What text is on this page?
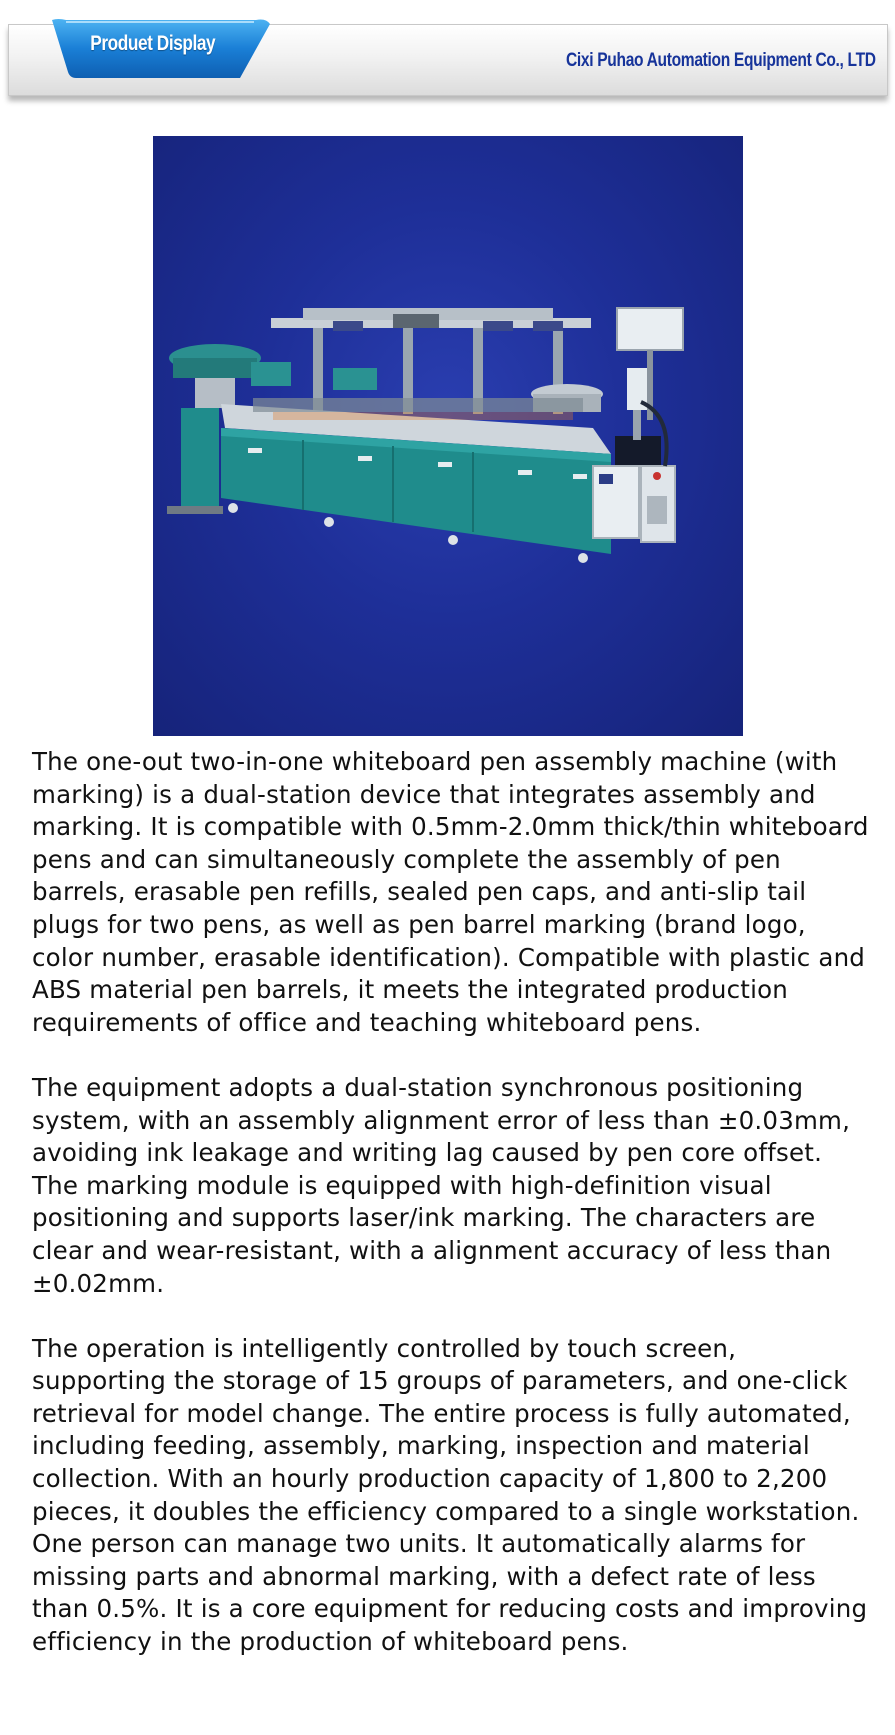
Produet Display
Cixi Puhao Automation Equipment Co., LTD

The one-out two-in-one whiteboard pen assembly machine (with marking) is a dual-station device that integrates assembly and marking. It is compatible with 0.5mm-2.0mm thick/thin whiteboard pens and can simultaneously complete the assembly of pen barrels, erasable pen refills, sealed pen caps, and anti-slip tail plugs for two pens, as well as pen barrel marking (brand logo, color number, erasable identification). Compatible with plastic and ABS material pen barrels, it meets the integrated production requirements of office and teaching whiteboard pens.

The equipment adopts a dual-station synchronous positioning system, with an assembly alignment error of less than ±0.03mm, avoiding ink leakage and writing lag caused by pen core offset. The marking module is equipped with high-definition visual positioning and supports laser/ink marking. The characters are clear and wear-resistant, with a alignment accuracy of less than ±0.02mm.

The operation is intelligently controlled by touch screen, supporting the storage of 15 groups of parameters, and one-click retrieval for model change. The entire process is fully automated, including feeding, assembly, marking, inspection and material collection. With an hourly production capacity of 1,800 to 2,200 pieces, it doubles the efficiency compared to a single workstation. One person can manage two units. It automatically alarms for missing parts and abnormal marking, with a defect rate of less than 0.5%. It is a core equipment for reducing costs and improving efficiency in the production of whiteboard pens.
